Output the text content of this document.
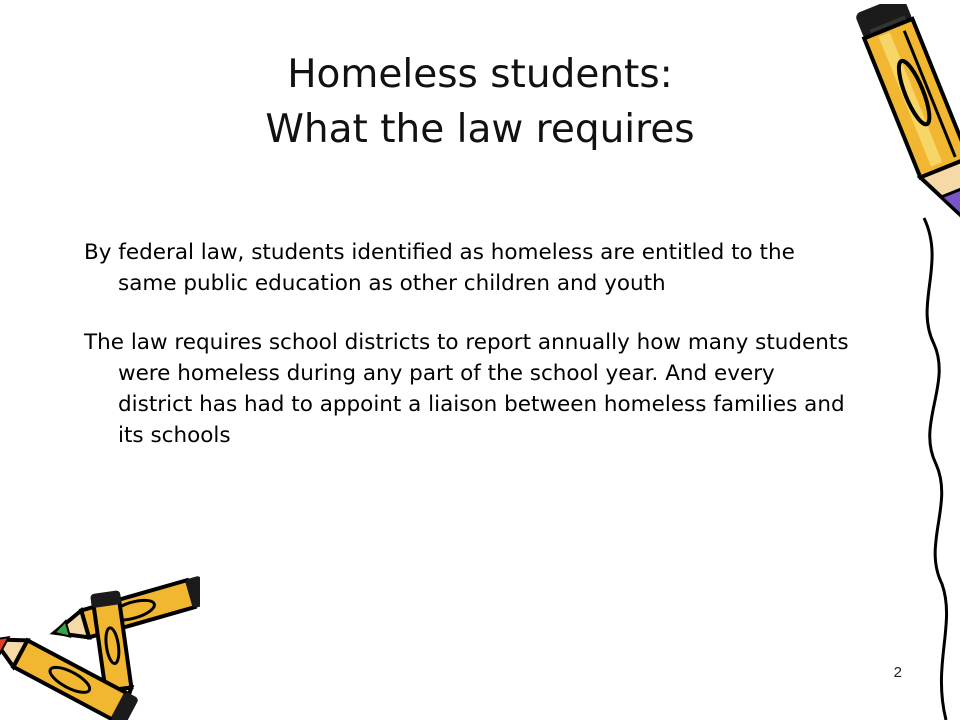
Homeless students:
What the law requires

By federal law, students identified as homeless are entitled to the same public education as other children and youth

The law requires school districts to report annually how many students were homeless during any part of the school year. And every district has had to appoint a liaison between homeless families and its schools

2
